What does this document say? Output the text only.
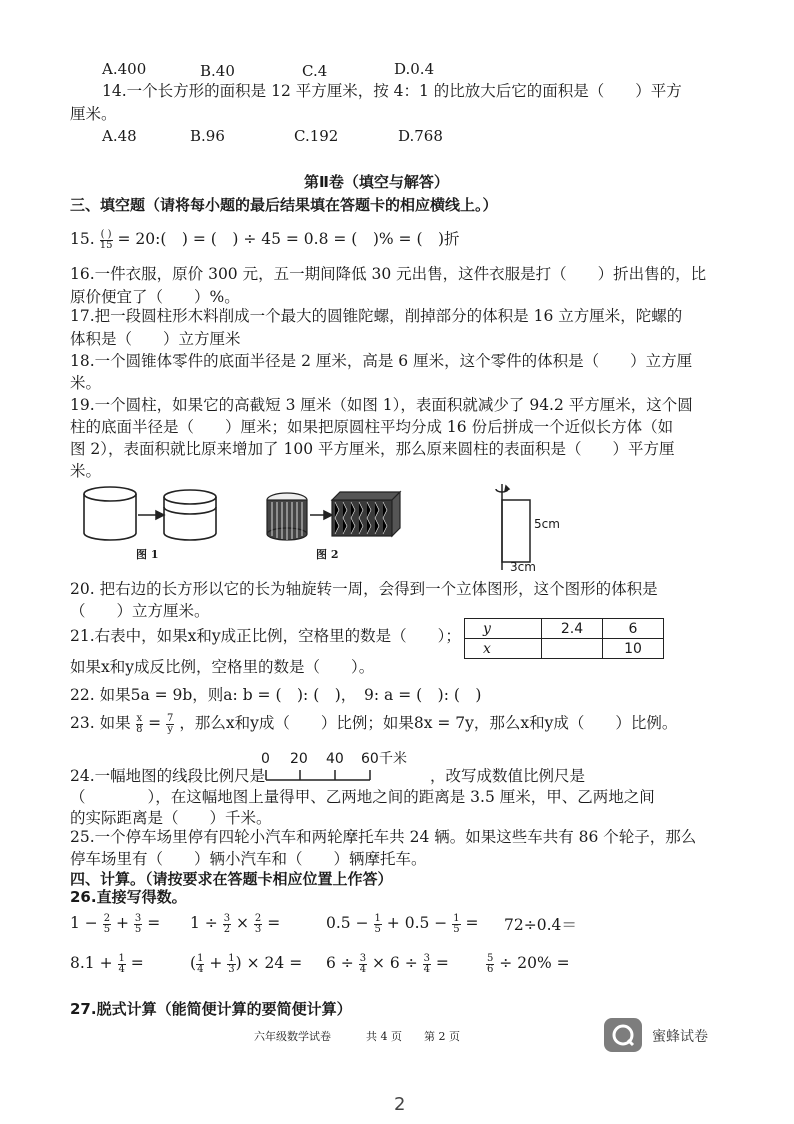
A.400	B.40	C.4	D.0.4
14.一个长方形的面积是 12 平方厘米，按 4：1 的比放大后它的面积是（　　）平方
厘米。
A.48	B.96	C.192	D.768
第Ⅱ卷（填空与解答）
三、填空题（请将每小题的最后结果填在答题卡的相应横线上。）
15. $\frac{( )}{15}$ = 20:(　) = (　) ÷ 45 = 0.8 = (　)% = (　)折
16.一件衣服，原价 300 元，五一期间降低 30 元出售，这件衣服是打（　　）折出售的，比
原价便宜了（　　）%。
17.把一段圆柱形木料削成一个最大的圆锥陀螺，削掉部分的体积是 16 立方厘米，陀螺的
体积是（　　）立方厘米
18.一个圆锥体零件的底面半径是 2 厘米，高是 6 厘米，这个零件的体积是（　　）立方厘
米。
19.一个圆柱，如果它的高截短 3 厘米（如图 1），表面积就减少了 94.2 平方厘米，这个圆
柱的底面半径是（　　）厘米；如果把原圆柱平均分成 16 份后拼成一个近似长方体（如
图 2），表面积就比原来增加了 100 平方厘米，那么原来圆柱的表面积是（　　）平方厘
米。
图 1	图 2
5cm
3cm
20. 把右边的长方形以它的长为轴旋转一周，会得到一个立体图形，这个图形的体积是
（　　）立方厘米。
21.右表中，如果x和y成正比例，空格里的数是（　　）；
如果x和y成反比例，空格里的数是（　　）。
y	2.4	6
x		10
22. 如果5a = 9b，则a: b = (　): (　)，　9: a = (　): (　)
23. 如果 $\frac{x}{8} = \frac{7}{y}$ ，那么x和y成（　　）比例；如果8x = 7y，那么x和y成（　　）比例。
24.一幅地图的线段比例尺是
0 20 40 60 千米
，改写成数值比例尺是
（　　　　），在这幅地图上量得甲、乙两地之间的距离是 3.5 厘米，甲、乙两地之间
的实际距离是（　　）千米。
25.一个停车场里停有四轮小汽车和两轮摩托车共 24 辆。如果这些车共有 86 个轮子，那么
停车场里有（　　）辆小汽车和（　　）辆摩托车。
四、计算。（请按要求在答题卡相应位置上作答）
26.直接写得数。
$1 - \frac{2}{5} + \frac{3}{5} = 1 \div \frac{3}{2} \times \frac{2}{3}$ =	$0.5 - \frac{1}{5} + 0.5 - \frac{1}{5} = 72\div 0.4=$
$8.1 + \frac{1}{4}$ =	( $\frac{1}{4} + \frac{1}{3}$ ) × $24 = 6 \div \frac{3}{4} \times 6 \div \frac{3}{4}$ =	$\frac{5}{6} \div 20\%$ =
27.脱式计算（能简便计算的要简便计算）
六年级数学试卷	共 4 页 第 2 页	蜜蜂试卷
2
